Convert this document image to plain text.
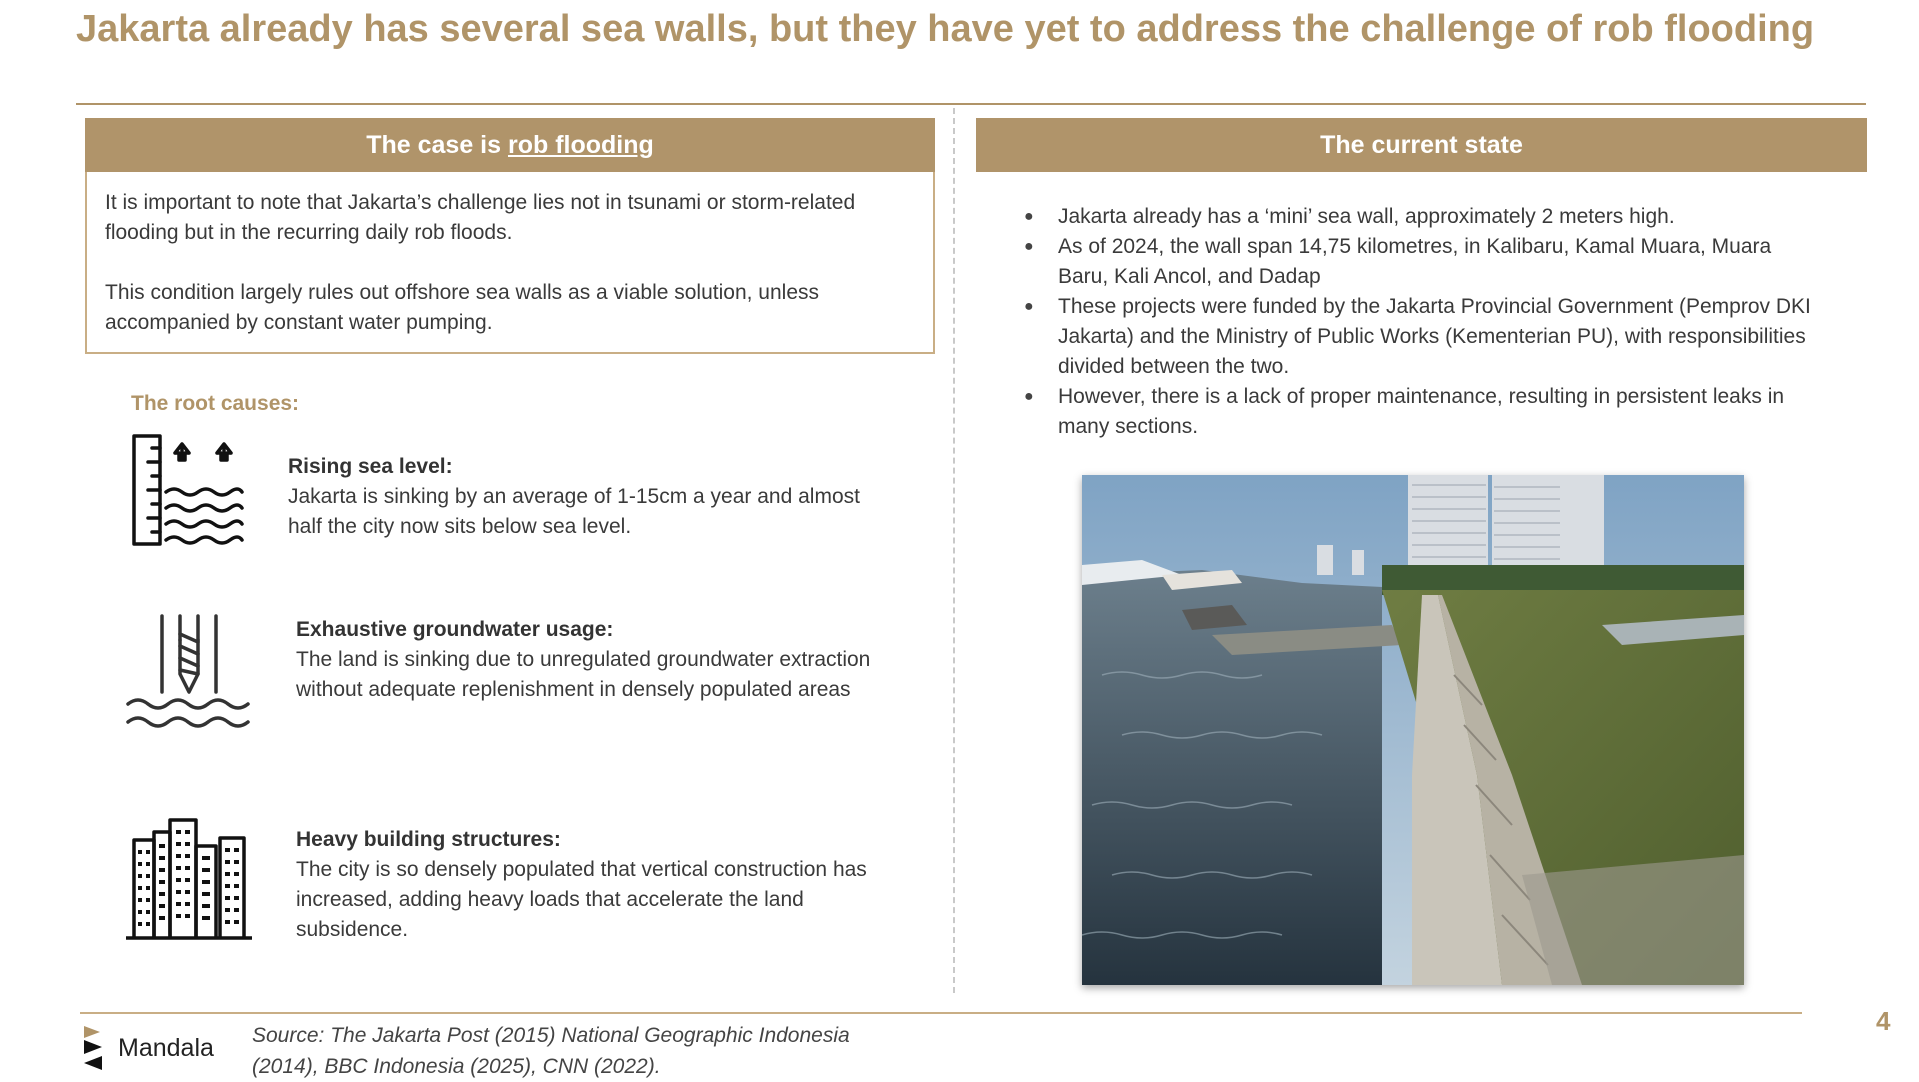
Jakarta already has several sea walls, but they have yet to address the challenge of rob flooding
The case is
rob flooding

It is important to note that Jakarta’s challenge lies not in tsunami or storm-related flooding but in the recurring daily rob floods.

This condition largely rules out offshore sea walls as a viable solution, unless accompanied by constant water pumping.

The root causes:
Rising sea level:
Jakarta is sinking by an average of 1-15cm a year and almost half the city now sits below sea level.
Exhaustive groundwater usage:
The land is sinking due to unregulated groundwater extraction without adequate replenishment in densely populated areas
Heavy building structures:
The city is so densely populated that vertical construction has increased, adding heavy loads that accelerate the land subsidence.
The current state
● Jakarta already has a ‘mini’ sea wall, approximately 2 meters high.
● As of 2024, the wall span 14,75 kilometres, in Kalibaru, Kamal Muara, Muara Baru, Kali Ancol, and Dadap
● These projects were funded by the Jakarta Provincial Government (Pemprov DKI Jakarta) and the Ministry of Public Works (Kementerian PU), with responsibilities divided between the two.
● However, there is a lack of proper maintenance, resulting in persistent leaks in many sections.
Mandala Source: The Jakarta Post (2015) National Geographic Indonesia (2014), BBC Indonesia (2025), CNN (2022).
4
